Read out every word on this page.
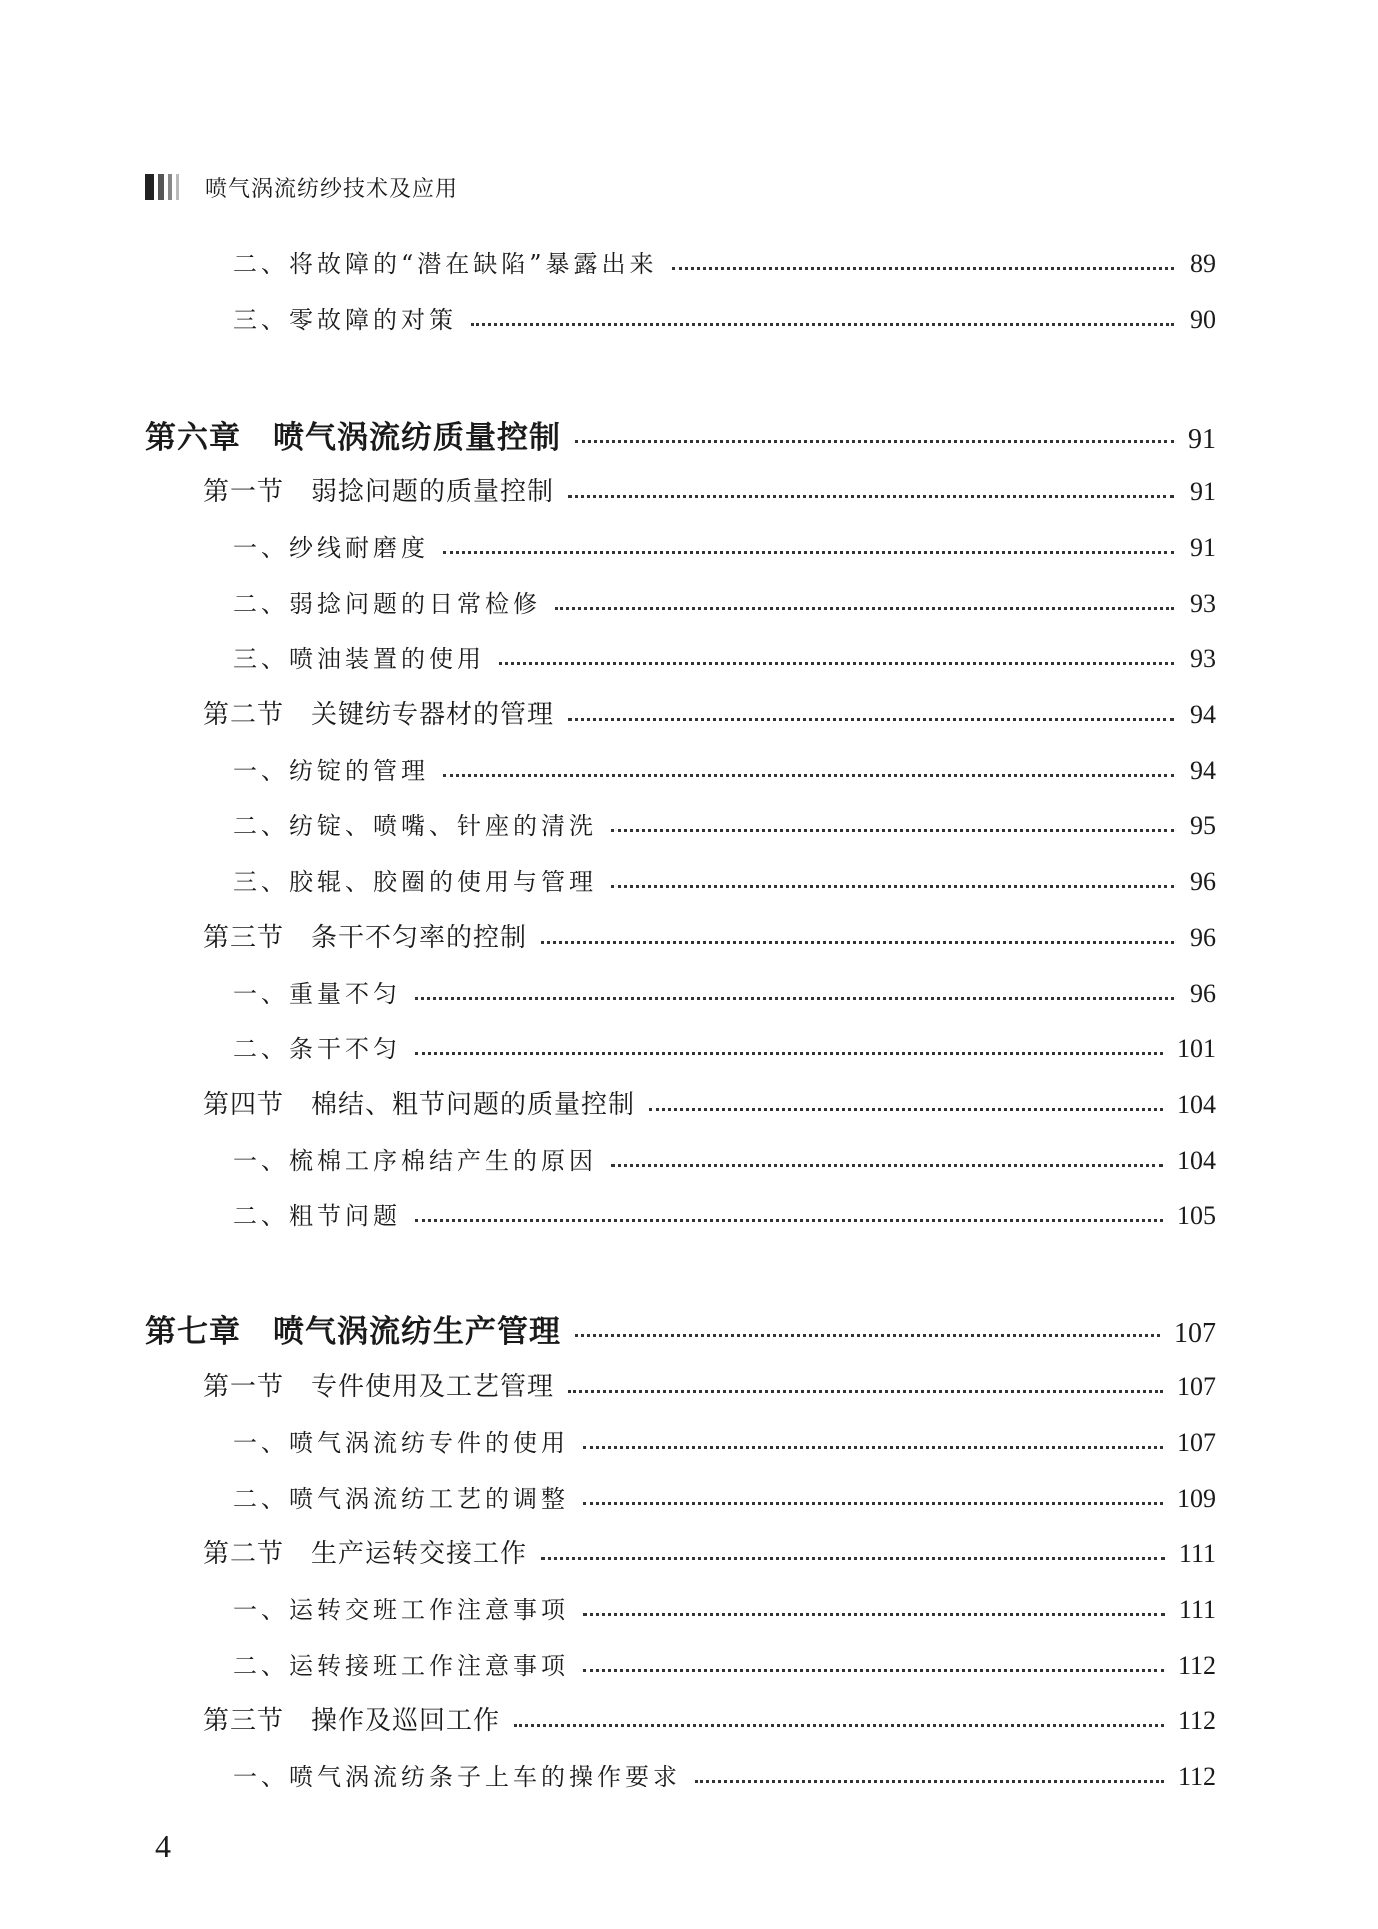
喷气涡流纺纱技术及应用
二、将故障的“潜在缺陷”暴露出来	89
三、零故障的对策	90
第六章　喷气涡流纺质量控制	91
第一节　弱捻问题的质量控制	91
一、纱线耐磨度	91
二、弱捻问题的日常检修	93
三、喷油装置的使用	93
第二节　关键纺专器材的管理	94
一、纺锭的管理	94
二、纺锭、喷嘴、针座的清洗	95
三、胶辊、胶圈的使用与管理	96
第三节　条干不匀率的控制	96
一、重量不匀	96
二、条干不匀	101
第四节　棉结、粗节问题的质量控制	104
一、梳棉工序棉结产生的原因	104
二、粗节问题	105
第七章　喷气涡流纺生产管理	107
第一节　专件使用及工艺管理	107
一、喷气涡流纺专件的使用	107
二、喷气涡流纺工艺的调整	109
第二节　生产运转交接工作	111
一、运转交班工作注意事项	111
二、运转接班工作注意事项	112
第三节　操作及巡回工作	112
一、喷气涡流纺条子上车的操作要求	112
4
